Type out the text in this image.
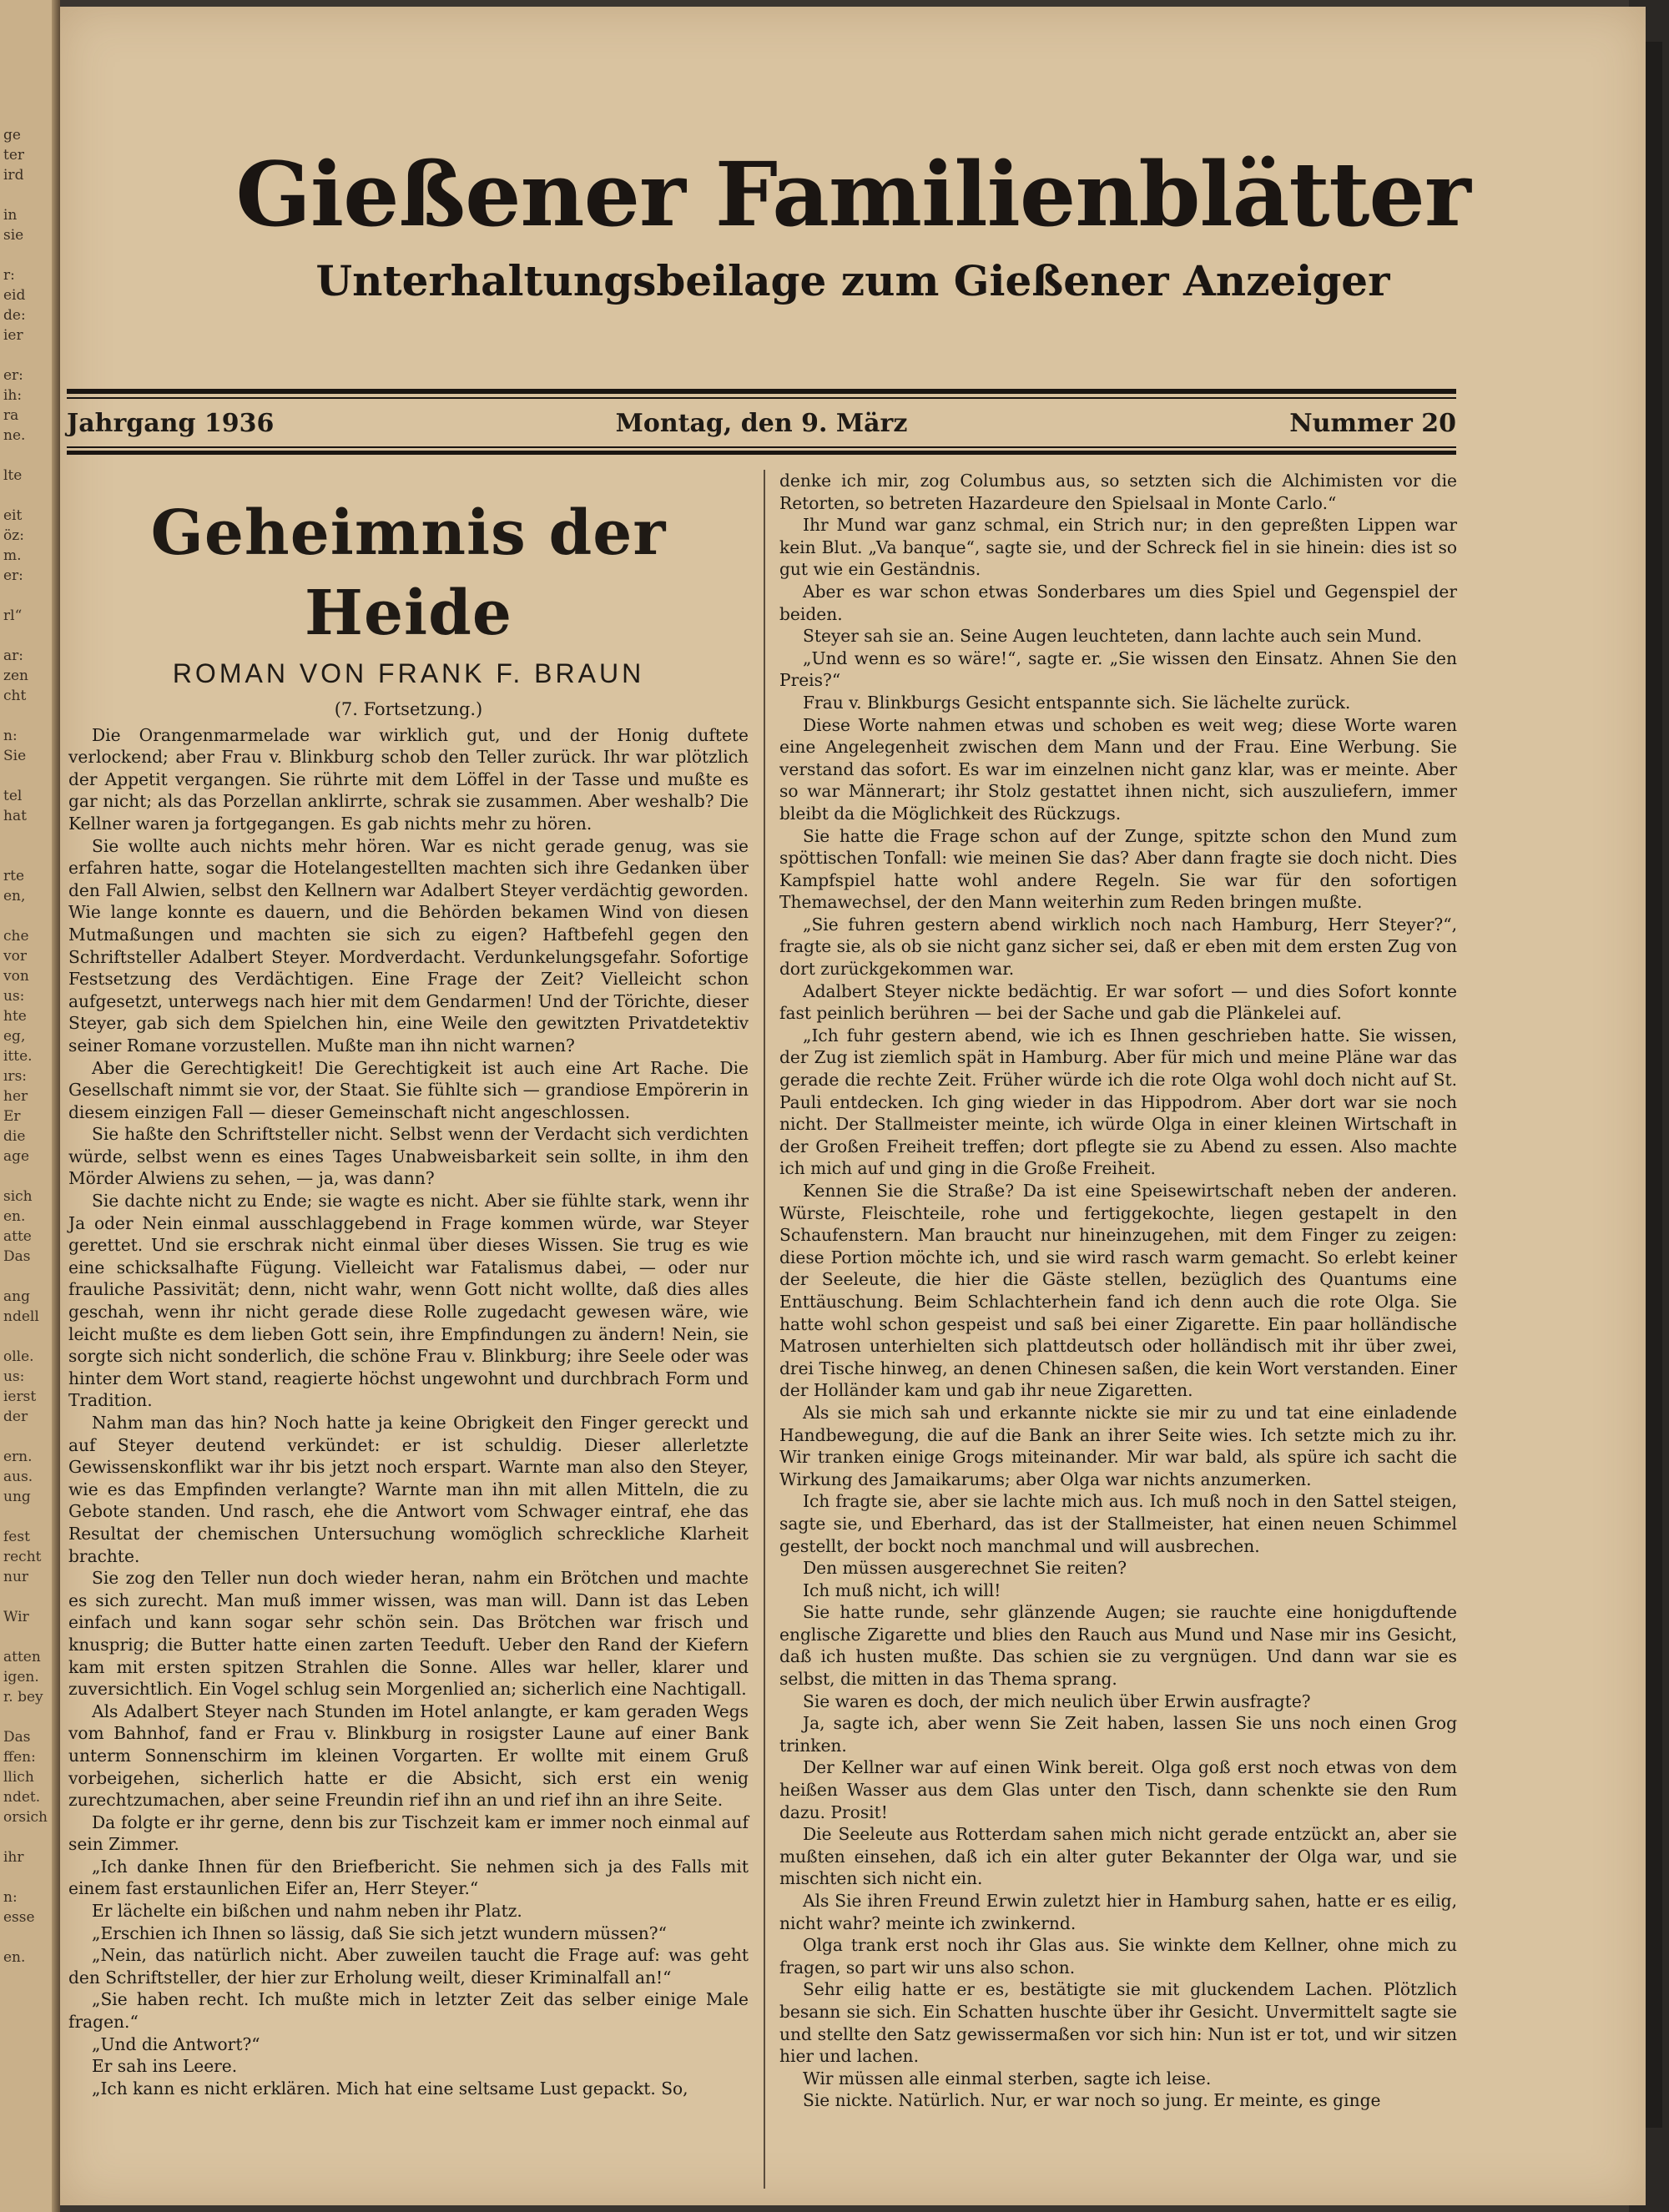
ge
ter
ird
in
sie
r:
eid
de:
ier
er:
ih:
ra
ne.
lte
eit
öz:
m.
er:
rl“
ar:
zen
cht
n:
Sie
tel
hat
rte
en,
che
vor
von
us:
hte
eg,
itte.
ırs:
her
Er
die
age
sich
en.
atte
Das
ang
ndell
olle.
us:
ierst
der
ern.
aus.
ung
fest
recht
nur
Wir
atten
igen.
r. bey
Das
ffen:
llich
ndet.
orsich
ihr
n:
esse
en.
Gießener Familienblätter
Unterhaltungsbeilage zum Gießener Anzeiger
Montag, den 9. März
Jahrgang 1936	Nummer 20
Geheimnis der Heide
ROMAN VON FRANK F. BRAUN
(7. Fortsetzung.)

Die Orangenmarmelade war wirklich gut, und der Honig duftete verlockend; aber Frau v. Blinkburg schob den Teller zurück. Ihr war plötzlich der Appetit vergangen. Sie rührte mit dem Löffel in der Tasse und mußte es gar nicht; als das Porzellan anklirrte, schrak sie zusammen. Aber weshalb? Die Kellner waren ja fortgegangen. Es gab nichts mehr zu hören.

Sie wollte auch nichts mehr hören. War es nicht gerade genug, was sie erfahren hatte, sogar die Hotelangestellten machten sich ihre Gedanken über den Fall Alwien, selbst den Kellnern war Adalbert Steyer verdächtig geworden. Wie lange konnte es dauern, und die Behörden bekamen Wind von diesen Mutmaßungen und machten sie sich zu eigen? Haftbefehl gegen den Schriftsteller Adalbert Steyer. Mordverdacht. Verdunkelungsgefahr. Sofortige Festsetzung des Verdächtigen. Eine Frage der Zeit? Vielleicht schon aufgesetzt, unterwegs nach hier mit dem Gendarmen! Und der Törichte, dieser Steyer, gab sich dem Spielchen hin, eine Weile den gewitzten Privatdetektiv seiner Romane vorzustellen. Mußte man ihn nicht warnen?

Aber die Gerechtigkeit! Die Gerechtigkeit ist auch eine Art Rache. Die Gesellschaft nimmt sie vor, der Staat. Sie fühlte sich — grandiose Empörerin in diesem einzigen Fall — dieser Gemeinschaft nicht angeschlossen.

Sie haßte den Schriftsteller nicht. Selbst wenn der Verdacht sich verdichten würde, selbst wenn es eines Tages Unabweisbarkeit sein sollte, in ihm den Mörder Alwiens zu sehen, — ja, was dann?

Sie dachte nicht zu Ende; sie wagte es nicht. Aber sie fühlte stark, wenn ihr Ja oder Nein einmal ausschlaggebend in Frage kommen würde, war Steyer gerettet. Und sie erschrak nicht einmal über dieses Wissen. Sie trug es wie eine schicksalhafte Fügung. Vielleicht war Fatalismus dabei, — oder nur frauliche Passivität; denn, nicht wahr, wenn Gott nicht wollte, daß dies alles geschah, wenn ihr nicht gerade diese Rolle zugedacht gewesen wäre, wie leicht mußte es dem lieben Gott sein, ihre Empfindungen zu ändern! Nein, sie sorgte sich nicht sonderlich, die schöne Frau v. Blinkburg; ihre Seele oder was hinter dem Wort stand, reagierte höchst ungewohnt und durchbrach Form und Tradition.

Nahm man das hin? Noch hatte ja keine Obrigkeit den Finger gereckt und auf Steyer deutend verkündet: er ist schuldig. Dieser allerletzte Gewissenskonflikt war ihr bis jetzt noch erspart. Warnte man also den Steyer, wie es das Empfinden verlangte? Warnte man ihn mit allen Mitteln, die zu Gebote standen. Und rasch, ehe die Antwort vom Schwager eintraf, ehe das Resultat der chemischen Untersuchung womöglich schreckliche Klarheit brachte.

Sie zog den Teller nun doch wieder heran, nahm ein Brötchen und machte es sich zurecht. Man muß immer wissen, was man will. Dann ist das Leben einfach und kann sogar sehr schön sein. Das Brötchen war frisch und knusprig; die Butter hatte einen zarten Teeduft. Ueber den Rand der Kiefern kam mit ersten spitzen Strahlen die Sonne. Alles war heller, klarer und zuversichtlich. Ein Vogel schlug sein Morgenlied an; sicherlich eine Nachtigall.

Als Adalbert Steyer nach Stunden im Hotel anlangte, er kam geraden Wegs vom Bahnhof, fand er Frau v. Blinkburg in rosigster Laune auf einer Bank unterm Sonnenschirm im kleinen Vorgarten. Er wollte mit einem Gruß vorbeigehen, sicherlich hatte er die Absicht, sich erst ein wenig zurechtzumachen, aber seine Freundin rief ihn an und rief ihn an ihre Seite.

Da folgte er ihr gerne, denn bis zur Tischzeit kam er immer noch einmal auf sein Zimmer.

„Ich danke Ihnen für den Briefbericht. Sie nehmen sich ja des Falls mit einem fast erstaunlichen Eifer an, Herr Steyer.“

Er lächelte ein bißchen und nahm neben ihr Platz.

„Erschien ich Ihnen so lässig, daß Sie sich jetzt wundern müssen?“

„Nein, das natürlich nicht. Aber zuweilen taucht die Frage auf: was geht den Schriftsteller, der hier zur Erholung weilt, dieser Kriminalfall an!“

„Sie haben recht. Ich mußte mich in letzter Zeit das selber einige Male fragen.“

„Und die Antwort?“

Er sah ins Leere.

„Ich kann es nicht erklären. Mich hat eine seltsame Lust gepackt. So,

denke ich mir, zog Columbus aus, so setzten sich die Alchimisten vor die Retorten, so betreten Hazardeure den Spielsaal in Monte Carlo.“

Ihr Mund war ganz schmal, ein Strich nur; in den gepreßten Lippen war kein Blut. „Va banque“, sagte sie, und der Schreck fiel in sie hinein: dies ist so gut wie ein Geständnis.

Aber es war schon etwas Sonderbares um dies Spiel und Gegenspiel der beiden.

Steyer sah sie an. Seine Augen leuchteten, dann lachte auch sein Mund.

„Und wenn es so wäre!“, sagte er. „Sie wissen den Einsatz. Ahnen Sie den Preis?“

Frau v. Blinkburgs Gesicht entspannte sich. Sie lächelte zurück.

Diese Worte nahmen etwas und schoben es weit weg; diese Worte waren eine Angelegenheit zwischen dem Mann und der Frau. Eine Werbung. Sie verstand das sofort. Es war im einzelnen nicht ganz klar, was er meinte. Aber so war Männerart; ihr Stolz gestattet ihnen nicht, sich auszuliefern, immer bleibt da die Möglichkeit des Rückzugs.

Sie hatte die Frage schon auf der Zunge, spitzte schon den Mund zum spöttischen Tonfall: wie meinen Sie das? Aber dann fragte sie doch nicht. Dies Kampfspiel hatte wohl andere Regeln. Sie war für den sofortigen Themawechsel, der den Mann weiterhin zum Reden bringen mußte.

„Sie fuhren gestern abend wirklich noch nach Hamburg, Herr Steyer?“, fragte sie, als ob sie nicht ganz sicher sei, daß er eben mit dem ersten Zug von dort zurückgekommen war.

Adalbert Steyer nickte bedächtig. Er war sofort — und dies Sofort konnte fast peinlich berühren — bei der Sache und gab die Plänkelei auf.

„Ich fuhr gestern abend, wie ich es Ihnen geschrieben hatte. Sie wissen, der Zug ist ziemlich spät in Hamburg. Aber für mich und meine Pläne war das gerade die rechte Zeit. Früher würde ich die rote Olga wohl doch nicht auf St. Pauli entdecken. Ich ging wieder in das Hippodrom. Aber dort war sie noch nicht. Der Stallmeister meinte, ich würde Olga in einer kleinen Wirtschaft in der Großen Freiheit treffen; dort pflegte sie zu Abend zu essen. Also machte ich mich auf und ging in die Große Freiheit.

Kennen Sie die Straße? Da ist eine Speisewirtschaft neben der anderen. Würste, Fleischteile, rohe und fertiggekochte, liegen gestapelt in den Schaufenstern. Man braucht nur hineinzugehen, mit dem Finger zu zeigen: diese Portion möchte ich, und sie wird rasch warm gemacht. So erlebt keiner der Seeleute, die hier die Gäste stellen, bezüglich des Quantums eine Enttäuschung. Beim Schlachterhein fand ich denn auch die rote Olga. Sie hatte wohl schon gespeist und saß bei einer Zigarette. Ein paar holländische Matrosen unterhielten sich plattdeutsch oder holländisch mit ihr über zwei, drei Tische hinweg, an denen Chinesen saßen, die kein Wort verstanden. Einer der Holländer kam und gab ihr neue Zigaretten.

Als sie mich sah und erkannte nickte sie mir zu und tat eine einladende Handbewegung, die auf die Bank an ihrer Seite wies. Ich setzte mich zu ihr. Wir tranken einige Grogs miteinander. Mir war bald, als spüre ich sacht die Wirkung des Jamaikarums; aber Olga war nichts anzumerken.

Ich fragte sie, aber sie lachte mich aus. Ich muß noch in den Sattel steigen, sagte sie, und Eberhard, das ist der Stallmeister, hat einen neuen Schimmel gestellt, der bockt noch manchmal und will ausbrechen.

Den müssen ausgerechnet Sie reiten?

Ich muß nicht, ich will!

Sie hatte runde, sehr glänzende Augen; sie rauchte eine honigduftende englische Zigarette und blies den Rauch aus Mund und Nase mir ins Gesicht, daß ich husten mußte. Das schien sie zu vergnügen. Und dann war sie es selbst, die mitten in das Thema sprang.

Sie waren es doch, der mich neulich über Erwin ausfragte?

Ja, sagte ich, aber wenn Sie Zeit haben, lassen Sie uns noch einen Grog trinken.

Der Kellner war auf einen Wink bereit. Olga goß erst noch etwas von dem heißen Wasser aus dem Glas unter den Tisch, dann schenkte sie den Rum dazu. Prosit!

Die Seeleute aus Rotterdam sahen mich nicht gerade entzückt an, aber sie mußten einsehen, daß ich ein alter guter Bekannter der Olga war, und sie mischten sich nicht ein.

Als Sie ihren Freund Erwin zuletzt hier in Hamburg sahen, hatte er es eilig, nicht wahr? meinte ich zwinkernd.

Olga trank erst noch ihr Glas aus. Sie winkte dem Kellner, ohne mich zu fragen, so part wir uns also schon.

Sehr eilig hatte er es, bestätigte sie mit gluckendem Lachen. Plötzlich besann sie sich. Ein Schatten huschte über ihr Gesicht. Unvermittelt sagte sie und stellte den Satz gewissermaßen vor sich hin: Nun ist er tot, und wir sitzen hier und lachen.

Wir müssen alle einmal sterben, sagte ich leise.

Sie nickte. Natürlich. Nur, er war noch so jung. Er meinte, es ginge
